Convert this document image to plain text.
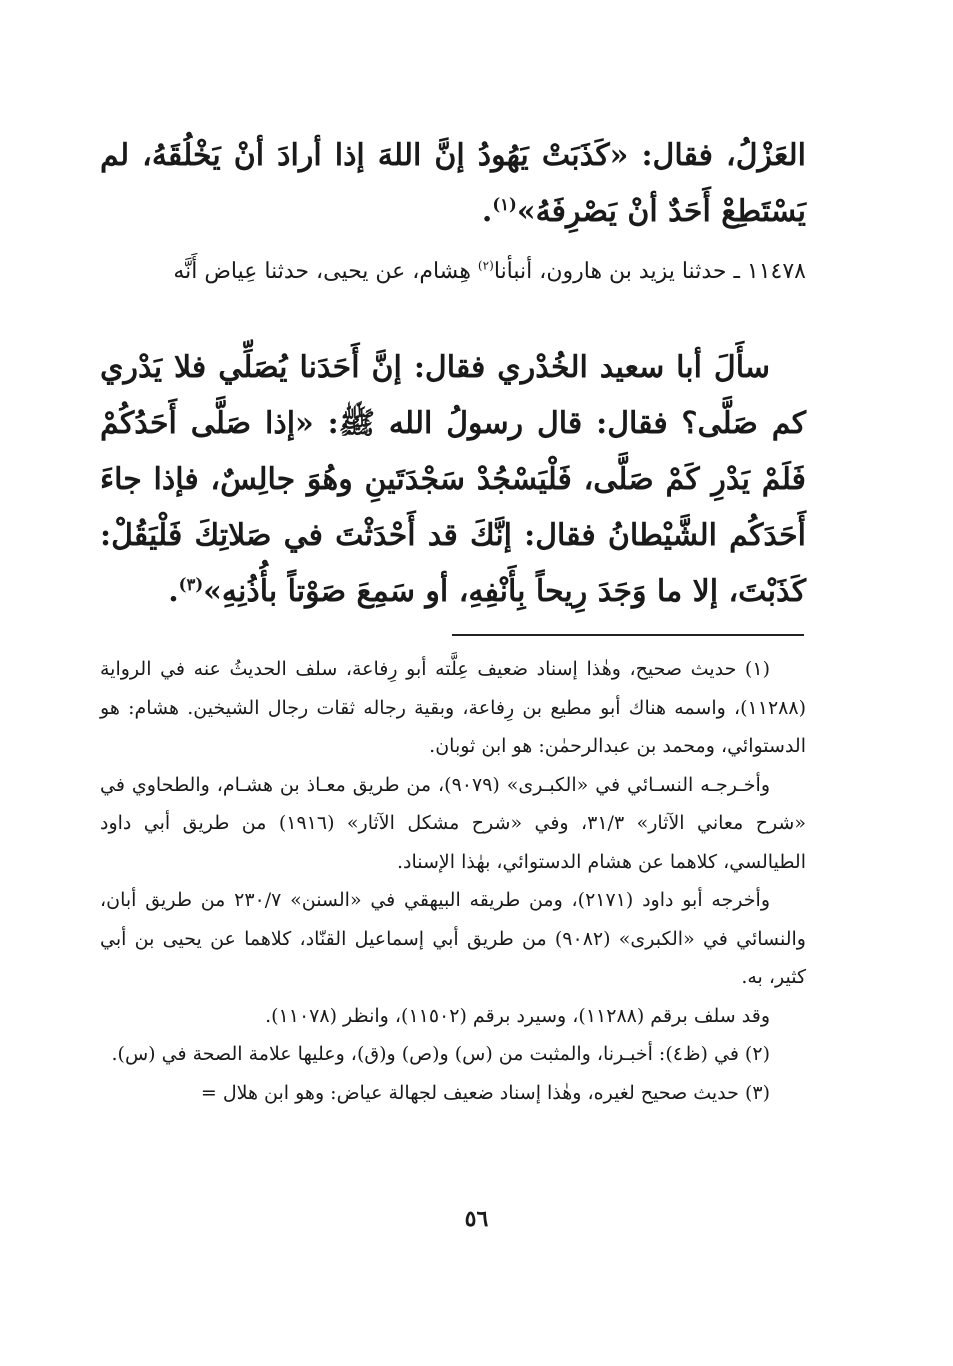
العَزْلُ، فقال: «كَذَبَتْ يَهُودُ إنَّ اللهَ إذا أرادَ أنْ يَخْلُقَهُ، لم يَسْتَطِعْ أَحَدٌ أنْ يَصْرِفَهُ»$^{(١)}$.

١١٤٧٨ ـ حدثنا يزيد بن هارون، أنبأنا$^{(٢)}$ هِشام، عن يحيى، حدثنا عِياض أَنَّه

سأَلَ أبا سعيد الخُدْري فقال: إنَّ أَحَدَنا يُصَلِّي فلا يَدْري كم صَلَّى؟ فقال: قال رسولُ الله ﷺ: «إذا صَلَّى أَحَدُكُمْ فَلَمْ يَدْرِ كَمْ صَلَّى، فَلْيَسْجُدْ سَجْدَتَينِ وهُوَ جالِسٌ، فإذا جاءَ أَحَدَكُم الشَّيْطانُ فقال: إنَّكَ قد أَحْدَثْتَ في صَلاتِكَ فَلْيَقُلْ: كَذَبْتَ، إلا ما وَجَدَ رِيحاً بِأَنْفِهِ، أو سَمِعَ صَوْتاً بأُذُنِهِ»$^{(٣)}$.

(١) حديث صحيح، وهٰذا إسناد ضعيف عِلَّته أبو رِفاعة، سلف الحديثُ عنه في الرواية (١١٢٨٨)، واسمه هناك أبو مطيع بن رِفاعة، وبقية رجاله ثقات رجال الشيخين. هشام: هو الدستوائي، ومحمد بن عبدالرحمٰن: هو ابن ثوبان.

وأخـرجـه النسـائي في «الكبـرى» (٩٠٧٩)، من طريق معـاذ بن هشـام، والطحاوي في «شرح معاني الآثار» ٣١/٣، وفي «شرح مشكل الآثار» (١٩١٦) من طريق أبي داود الطيالسي، كلاهما عن هشام الدستوائي، بهٰذا الإسناد.

وأخرجه أبو داود (٢١٧١)، ومن طريقه البيهقي في «السنن» ٢٣٠/٧ من طريق أبان، والنسائي في «الكبرى» (٩٠٨٢) من طريق أبي إسماعيل القنّاد، كلاهما عن يحيى بن أبي كثير، به.

وقد سلف برقم (١١٢٨٨)، وسيرد برقم (١١٥٠٢)، وانظر (١١٠٧٨).

(٢) في (ظ٤): أخبـرنا، والمثبت من (س) و(ص) و(ق)، وعليها علامة الصحة في (س).

(٣) حديث صحيح لغيره، وهٰذا إسناد ضعيف لجهالة عياض: وهو ابن هلال =

٥٦
